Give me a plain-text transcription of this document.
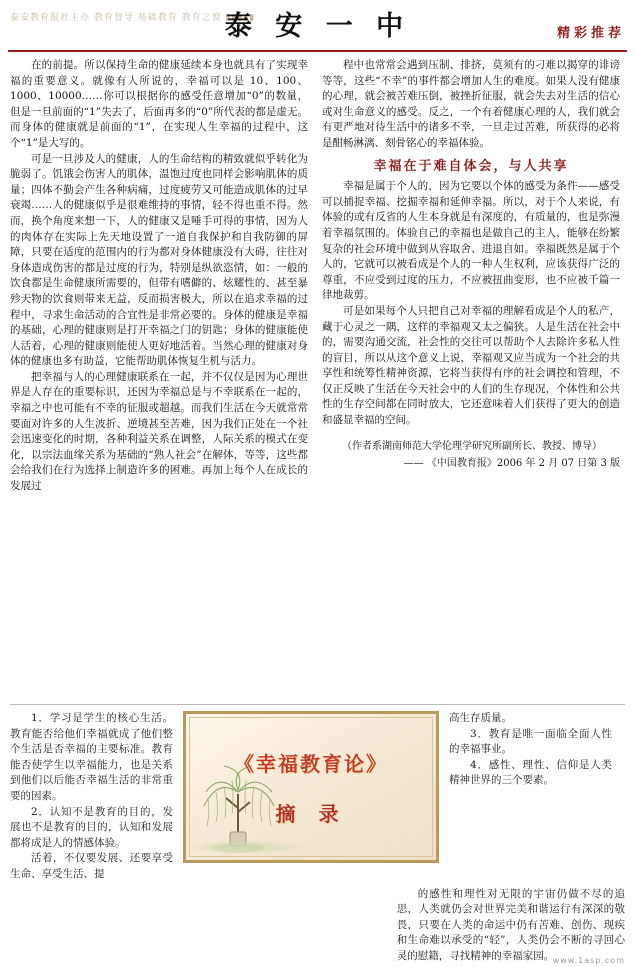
泰安教育报社主办 教育督导 基础教育 教育之窗 ▮▮▮▮▮
泰 安 一 中	精彩推荐

在的前提。所以保持生命的健康延续本身也就具有了实现幸福的重要意义。就像有人所说的，幸福可以是 10、100、1000、10000……你可以根据你的感受任意增加“0”的数量，但是一旦前面的“1”失去了，后面再多的“0”所代表的都是虚无。而身体的健康就是前面的“1”，在实现人生幸福的过程中，这个“1”是大写的。

可是一旦涉及人的健康，人的生命结构的精致就似乎转化为脆弱了。饥饿会伤害人的肌体，温饱过度也同样会影响肌体的质量；四体不勤会产生各种病痛，过度疲劳又可能造成肌体的过早衰竭……人的健康似乎是很难维持的事情，轻不得也重不得。然而，换个角度来想一下，人的健康又是唾手可得的事情，因为人的肉体存在实际上先天地设置了一道自我保护和自我防御的屏障，只要在适度的范围内的行为都对身体健康没有大碍，往往对身体造成伤害的都是过度的行为，特别是纵欲恣情，如：一般的饮食都是生命健康所需要的，但带有嗜僻的、炫耀性的、甚至暴殄天物的饮食则带来无益，反而损害极大，所以在追求幸福的过程中，寻求生命活动的合宜性是非常必要的。身体的健康是幸福的基础，心理的健康则是打开幸福之门的钥匙；身体的健康能使人活着，心理的健康则能使人更好地活着。当然心理的健康对身体的健康也多有助益，它能帮助肌体恢复生机与活力。

把幸福与人的心理健康联系在一起，并不仅仅是因为心理世界是人存在的重要标识，还因为幸福总是与不幸联系在一起的，幸福之中也可能有不幸的征服或超越。而我们生活在今天就常常要面对许多的人生波折、逆境甚至苦难，因为我们正处在一个社会迅速变化的时期，各种利益关系在调整，人际关系的模式在变化，以宗法血缘关系为基础的“熟人社会”在解体，等等，这些都会给我们在行为选择上制造许多的困难。再加上每个人在成长的发展过

程中也常常会遇到压制、排挤，莫须有的刁难以揭穿的诽谤等等，这些“不幸”的事件都会增加人生的难度。如果人没有健康的心理，就会被苦难压倒，被挫折征服，就会失去对生活的信心或对生命意义的感受。反之，一个有着健康心理的人，我们就会有更严地对待生活中的诸多不幸，一旦走过苦难，所获得的必将是酣畅淋漓、刻骨铭心的幸福体验。

幸福在于难自体会，与人共享

幸福是属于个人的，因为它要以个体的感受为条件——感受可以捕捉幸福、挖掘幸福和延伸幸福。所以，对于个人来说，有体验的或有反省的人生本身就是有深度的，有质量的，也是弥漫着幸福氛围的。体验自己的幸福也是做自己的主人，能够在纷繁复杂的社会环境中做到从容取舍、进退自如。幸福既然是属于个人的，它就可以被看成是个人的一种人生权利，应该获得广泛的尊重，不应受到过度的压力，不应被扭曲变形，也不应被千篇一律地裁剪。

可是如果每个人只把自己对幸福的理解看成是个人的私产，藏于心灵之一隅，这样的幸福观又太之偏狭。人是生活在社会中的，需要沟通交流，社会性的交往可以帮助个人去除许多私人性的盲目，所以从这个意义上说，幸福观又应当成为一个社会的共享性和统筹性精神资源，它将当获得有序的社会调控和管理，不仅正反映了生活在今天社会中的人们的生存现况，个体性和公共性的生存空间都在同时放大，它还意味着人们获得了更大的创造和盛显幸福的空间。

（作者系湖南师范大学伦理学研究所副所长、教授、博导）
—— 《中国教育报》2006 年 2 月 07 日第 3 版

1．学习是学生的核心生活。教育能否给他们幸福就成了他们整个生活是否幸福的主要标准。教育能否使学生以幸福能力，也是关系到他们以后能否幸福生活的非常重要的因素。

2．认知不是教育的目的，发展也不是教育的目的，认知和发展都将成是人的情感体验。

活着，不仅要发展、还要享受生命、享受生活、提

《幸福教育论》
摘 录

高生存质量。

3．教育是唯一面临全面人性的幸福事业。

4．感性、理性、信仰是人类精神世界的三个要素。

的感性和理性对无限的宇宙仍做不尽的追思，人类就仍会对世界完美和谐运行有深深的敬畏，只要在人类的命运中仍有苦难、创伤、现疾和生命难以承受的“轻”，人类仍会不断的寻回心灵的慰籍，寻找精神的幸福家园。

www.1asp.com
